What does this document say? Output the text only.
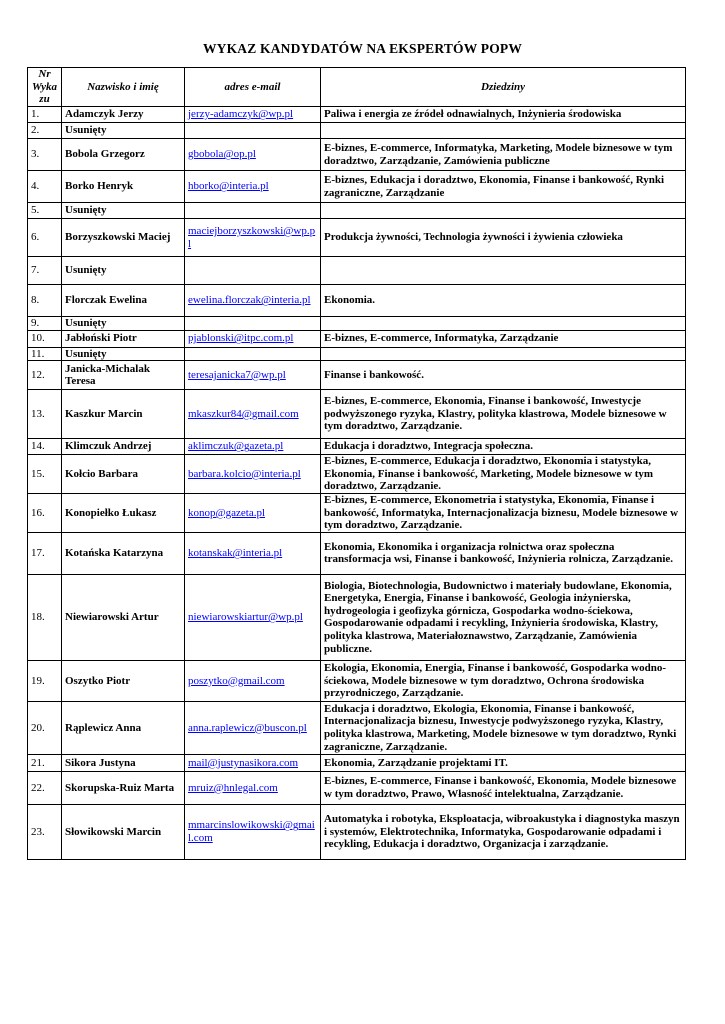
WYKAZ KANDYDATÓW NA EKSPERTÓW POPW
Nr Wyka zu	Nazwisko i imię	adres e-mail	Dziedziny
1.	Adamczyk Jerzy	jerzy-adamczyk@wp.pl	Paliwa i energia ze źródeł odnawialnych, Inżynieria środowiska
2.	Usunięty		
3.	Bobola Grzegorz	gbobola@op.pl	E-biznes, E-commerce, Informatyka, Marketing, Modele biznesowe w tym doradztwo, Zarządzanie, Zamówienia publiczne
4.	Borko Henryk	hborko@interia.pl	E-biznes, Edukacja i doradztwo, Ekonomia, Finanse i bankowość, Rynki zagraniczne, Zarządzanie
5.	Usunięty		
6.	Borzyszkowski Maciej	maciejborzyszkowski@wp.pl	Produkcja żywności, Technologia żywności i żywienia człowieka
7.	Usunięty		
8.	Florczak Ewelina	ewelina.florczak@interia.pl	Ekonomia.
9.	Usunięty		
10.	Jabłoński Piotr	pjablonski@itpc.com.pl	E-biznes, E-commerce, Informatyka, Zarządzanie
11.	Usunięty		
12.	Janicka-Michalak Teresa	teresajanicka7@wp.pl	Finanse i bankowość.
13.	Kaszkur Marcin	mkaszkur84@gmail.com	E-biznes, E-commerce, Ekonomia, Finanse i bankowość, Inwestycje podwyższonego ryzyka, Klastry, polityka klastrowa, Modele biznesowe w tym doradztwo, Zarządzanie.
14.	Klimczuk Andrzej	aklimczuk@gazeta.pl	Edukacja i doradztwo, Integracja społeczna.
15.	Kołcio Barbara	barbara.kolcio@interia.pl	E-biznes, E-commerce, Edukacja i doradztwo, Ekonomia i statystyka, Ekonomia, Finanse i bankowość, Marketing, Modele biznesowe w tym doradztwo, Zarządzanie.
16.	Konopiełko Łukasz	konop@gazeta.pl	E-biznes, E-commerce, Ekonometria i statystyka, Ekonomia, Finanse i bankowość, Informatyka, Internacjonalizacja biznesu, Modele biznesowe w tym doradztwo, Zarządzanie.
17.	Kotańska Katarzyna	kotanskak@interia.pl	Ekonomia, Ekonomika i organizacja rolnictwa oraz społeczna transformacja wsi, Finanse i bankowość, Inżynieria rolnicza, Zarządzanie.
18.	Niewiarowski Artur	niewiarowskiartur@wp.pl	Biologia, Biotechnologia, Budownictwo i materiały budowlane, Ekonomia, Energetyka, Energia, Finanse i bankowość, Geologia inżynierska, hydrogeologia i geofizyka górnicza, Gospodarka wodno-ściekowa, Gospodarowanie odpadami i recykling, Inżynieria środowiska, Klastry, polityka klastrowa, Materiałoznawstwo, Zarządzanie, Zamówienia publiczne.
19.	Oszytko Piotr	poszytko@gmail.com	Ekologia, Ekonomia, Energia, Finanse i bankowość, Gospodarka wodno-ściekowa, Modele biznesowe w tym doradztwo, Ochrona środowiska przyrodniczego, Zarządzanie.
20.	Rąplewicz Anna	anna.raplewicz@buscon.pl	Edukacja i doradztwo, Ekologia, Ekonomia, Finanse i bankowość, Internacjonalizacja biznesu, Inwestycje podwyższonego ryzyka, Klastry, polityka klastrowa, Marketing, Modele biznesowe w tym doradztwo, Rynki zagraniczne, Zarządzanie.
21.	Sikora Justyna	mail@justynasikora.com	Ekonomia, Zarządzanie projektami IT.
22.	Skorupska-Ruiz Marta	mruiz@hnlegal.com	E-biznes, E-commerce, Finanse i bankowość, Ekonomia, Modele biznesowe w tym doradztwo, Prawo, Własność intelektualna, Zarządzanie.
23.	Słowikowski Marcin	mmarcinslowikowski@gmail.com	Automatyka i robotyka, Eksploatacja, wibroakustyka i diagnostyka maszyn i systemów, Elektrotechnika, Informatyka, Gospodarowanie odpadami i recykling, Edukacja i doradztwo, Organizacja i zarządzanie.
